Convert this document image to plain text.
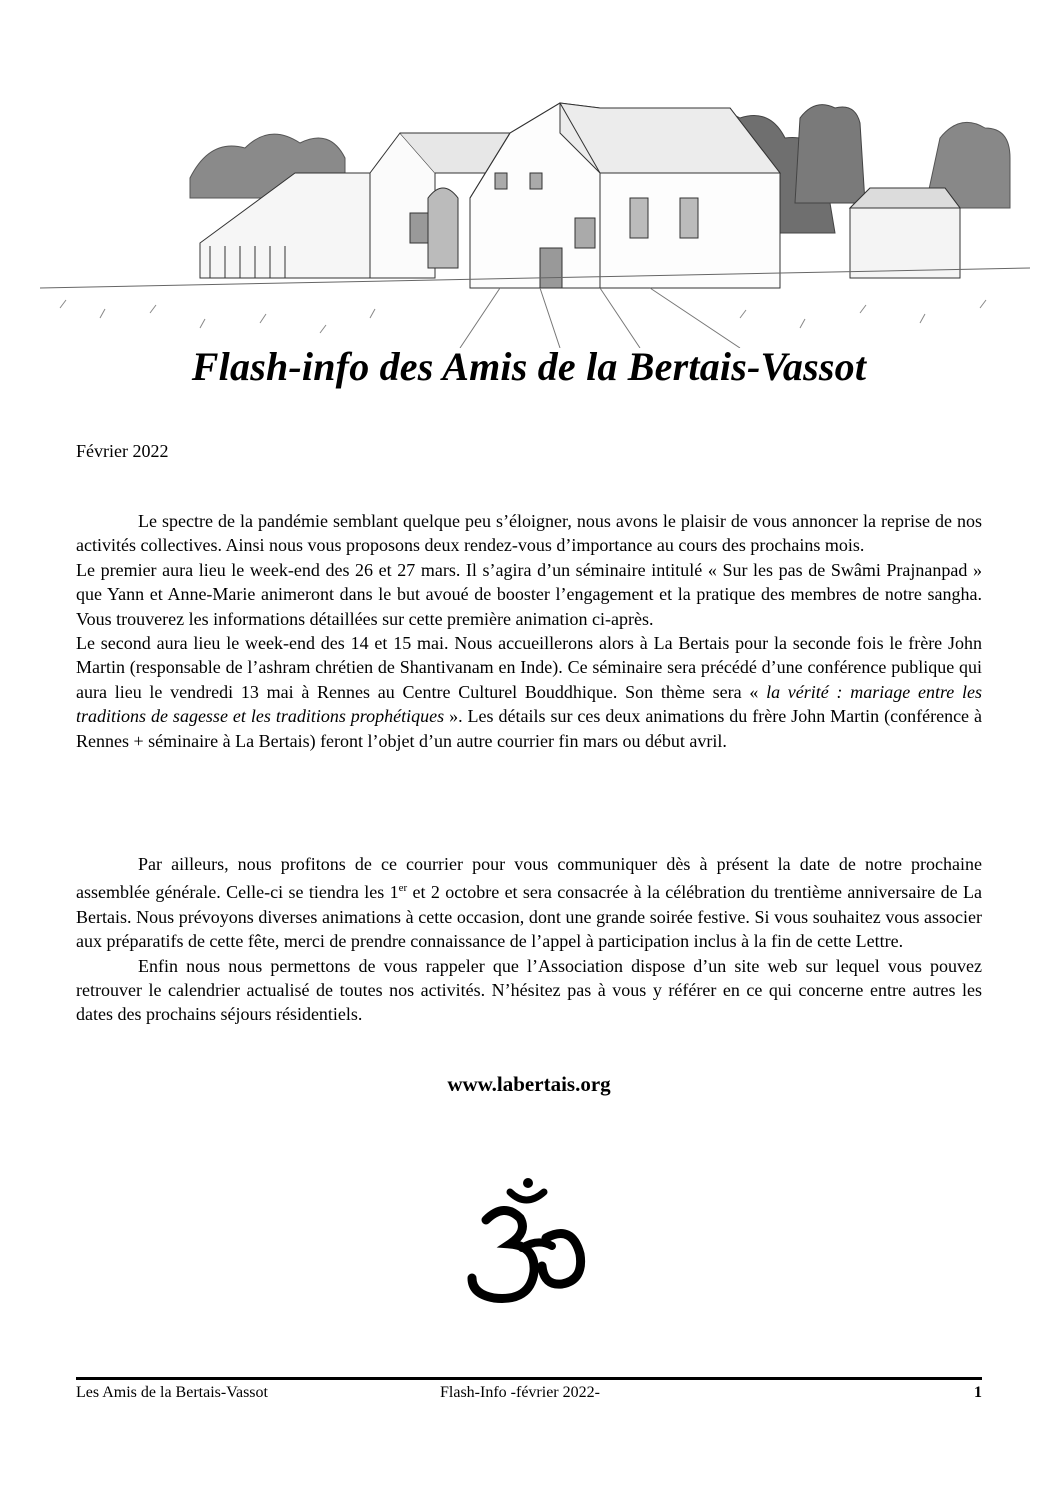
Flash-info des Amis de la Bertais-Vassot
Février 2022

Le spectre de la pandémie semblant quelque peu s’éloigner, nous avons le plaisir de vous annoncer la reprise de nos activités collectives. Ainsi nous vous proposons deux rendez-vous d’importance au cours des prochains mois.

Le premier aura lieu le week-end des 26 et 27 mars. Il s’agira d’un séminaire intitulé « Sur les pas de Swâmi Prajnanpad » que Yann et Anne-Marie animeront dans le but avoué de booster l’engagement et la pratique des membres de notre sangha. Vous trouverez les informations détaillées sur cette première animation ci-après.

Le second aura lieu le week-end des 14 et 15 mai. Nous accueillerons alors à La Bertais pour la seconde fois le frère John Martin (responsable de l’ashram chrétien de Shantivanam en Inde). Ce séminaire sera précédé d’une conférence publique qui aura lieu le vendredi 13 mai à Rennes au Centre Culturel Bouddhique. Son thème sera « la vérité : mariage entre les traditions de sagesse et les traditions prophétiques ». Les détails sur ces deux animations du frère John Martin (conférence à Rennes + séminaire à La Bertais) feront l’objet d’un autre courrier fin mars ou début avril.

Par ailleurs, nous profitons de ce courrier pour vous communiquer dès à présent la date de notre prochaine assemblée générale. Celle-ci se tiendra les 1er et 2 octobre et sera consacrée à la célébration du trentième anniversaire de La Bertais. Nous prévoyons diverses animations à cette occasion, dont une grande soirée festive. Si vous souhaitez vous associer aux préparatifs de cette fête, merci de prendre connaissance de l’appel à participation inclus à la fin de cette Lettre.

Enfin nous nous permettons de vous rappeler que l’Association dispose d’un site web sur lequel vous pouvez retrouver le calendrier actualisé de toutes nos activités. N’hésitez pas à vous y référer en ce qui concerne entre autres les dates des prochains séjours résidentiels.

www.labertais.org
Les Amis de la Bertais-Vassot	Flash-Info -février 2022-	1
